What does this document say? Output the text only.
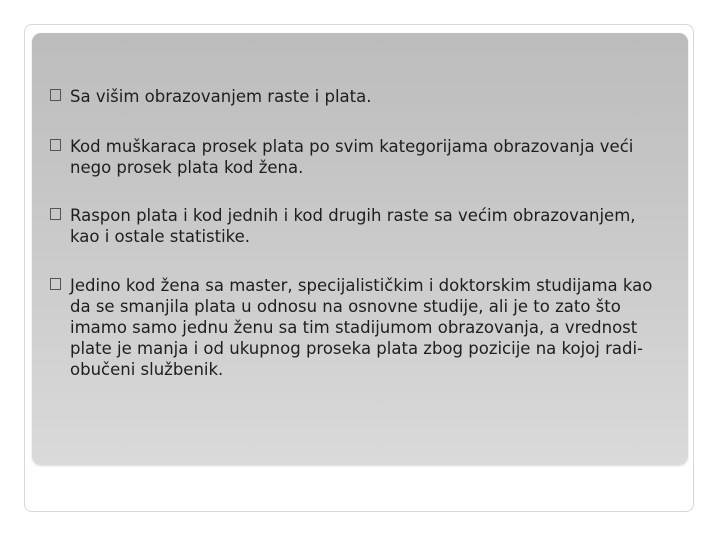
Sa višim obrazovanjem raste i plata.
Kod muškaraca prosek plata po svim kategorijama obrazovanja veći nego prosek plata kod žena.
Raspon plata i kod jednih i kod drugih raste sa većim obrazovanjem, kao i ostale statistike.
Jedino kod žena sa master, specijalističkim i doktorskim studijama kao da se smanjila plata u odnosu na osnovne studije, ali je to zato što imamo samo jednu ženu sa tim stadijumom obrazovanja, a vrednost plate je manja i od ukupnog proseka plata zbog pozicije na kojoj radi-obučeni službenik.
